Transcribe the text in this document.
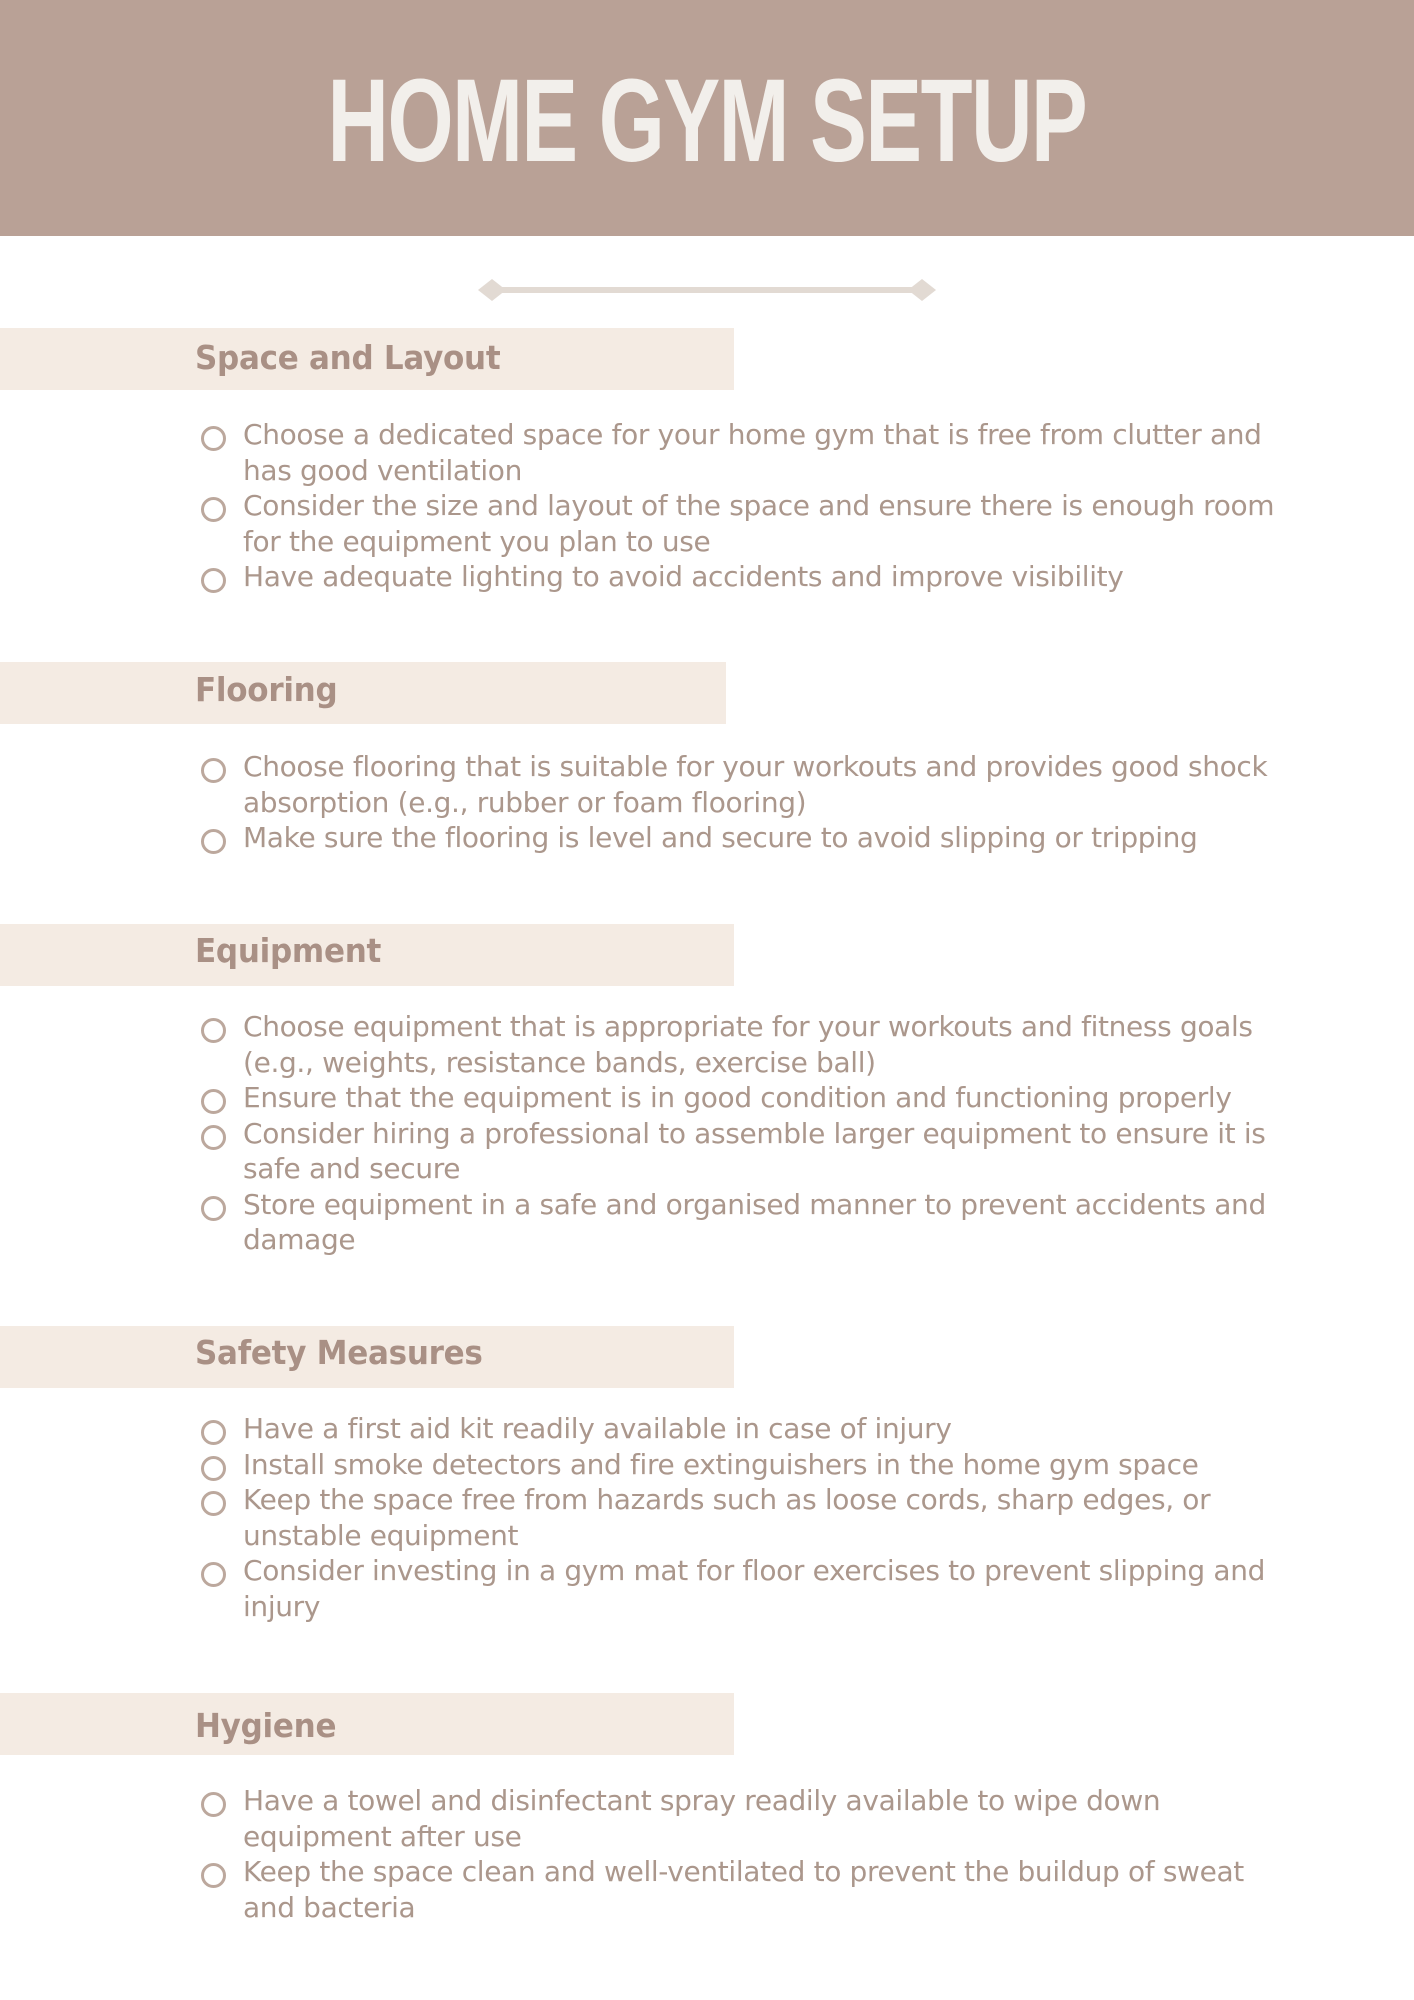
HOME GYM SETUP
Space and Layout
Choose a dedicated space for your home gym that is free from clutter and has good ventilation
Consider the size and layout of the space and ensure there is enough room for the equipment you plan to use
Have adequate lighting to avoid accidents and improve visibility
Flooring
Choose flooring that is suitable for your workouts and provides good shock absorption (e.g., rubber or foam flooring)
Make sure the flooring is level and secure to avoid slipping or tripping
Equipment
Choose equipment that is appropriate for your workouts and fitness goals (e.g., weights, resistance bands, exercise ball)
Ensure that the equipment is in good condition and functioning properly
Consider hiring a professional to assemble larger equipment to ensure it is safe and secure
Store equipment in a safe and organised manner to prevent accidents and damage
Safety Measures
Have a first aid kit readily available in case of injury
Install smoke detectors and fire extinguishers in the home gym space
Keep the space free from hazards such as loose cords, sharp edges, or unstable equipment
Consider investing in a gym mat for floor exercises to prevent slipping and injury
Hygiene
Have a towel and disinfectant spray readily available to wipe down equipment after use
Keep the space clean and well-ventilated to prevent the buildup of sweat and bacteria
